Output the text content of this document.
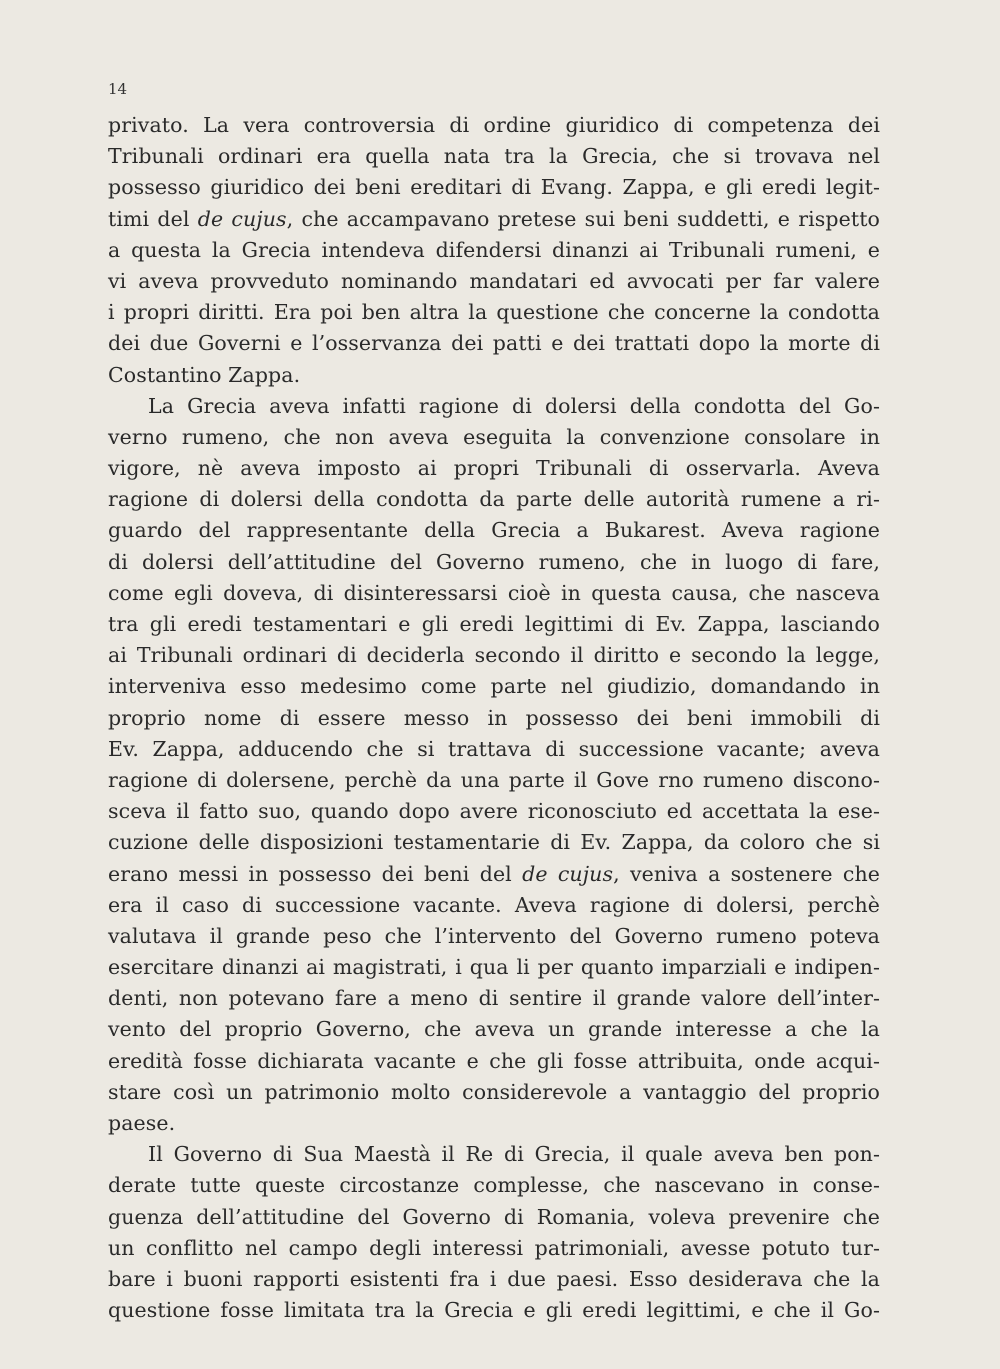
14
privato. La vera controversia di ordine giuridico di competenza dei
Tribunali ordinari era quella nata tra la Grecia, che si trovava nel
possesso giuridico dei beni ereditari di Evang. Zappa, e gli eredi legit-
timi del de cujus, che accampavano pretese sui beni suddetti, e rispetto
a questa la Grecia intendeva difendersi dinanzi ai Tribunali rumeni, e
vi aveva provveduto nominando mandatari ed avvocati per far valere
i propri diritti. Era poi ben altra la questione che concerne la condotta
dei due Governi e l’osservanza dei patti e dei trattati dopo la morte di
Costantino Zappa.
La Grecia aveva infatti ragione di dolersi della condotta del Go-
verno rumeno, che non aveva eseguita la convenzione consolare in
vigore, nè aveva imposto ai propri Tribunali di osservarla. Aveva
ragione di dolersi della condotta da parte delle autorità rumene a ri-
guardo del rappresentante della Grecia a Bukarest. Aveva ragione
di dolersi dell’attitudine del Governo rumeno, che in luogo di fare,
come egli doveva, di disinteressarsi cioè in questa causa, che nasceva
tra gli eredi testamentari e gli eredi legittimi di Ev. Zappa, lasciando
ai Tribunali ordinari di deciderla secondo il diritto e secondo la legge,
interveniva esso medesimo come parte nel giudizio, domandando in
proprio nome di essere messo in possesso dei beni immobili di
Ev. Zappa, adducendo che si trattava di successione vacante; aveva
ragione di dolersene, perchè da una parte il Gove rno rumeno discono-
sceva il fatto suo, quando dopo avere riconosciuto ed accettata la ese-
cuzione delle disposizioni testamentarie di Ev. Zappa, da coloro che si
erano messi in possesso dei beni del de cujus, veniva a sostenere che
era il caso di successione vacante. Aveva ragione di dolersi, perchè
valutava il grande peso che l’intervento del Governo rumeno poteva
esercitare dinanzi ai magistrati, i qua li per quanto imparziali e indipen-
denti, non potevano fare a meno di sentire il grande valore dell’inter-
vento del proprio Governo, che aveva un grande interesse a che la
eredità fosse dichiarata vacante e che gli fosse attribuita, onde acqui-
stare così un patrimonio molto considerevole a vantaggio del proprio
paese.
Il Governo di Sua Maestà il Re di Grecia, il quale aveva ben pon-
derate tutte queste circostanze complesse, che nascevano in conse-
guenza dell’attitudine del Governo di Romania, voleva prevenire che
un conflitto nel campo degli interessi patrimoniali, avesse potuto tur-
bare i buoni rapporti esistenti fra i due paesi. Esso desiderava che la
questione fosse limitata tra la Grecia e gli eredi legittimi, e che il Go-
